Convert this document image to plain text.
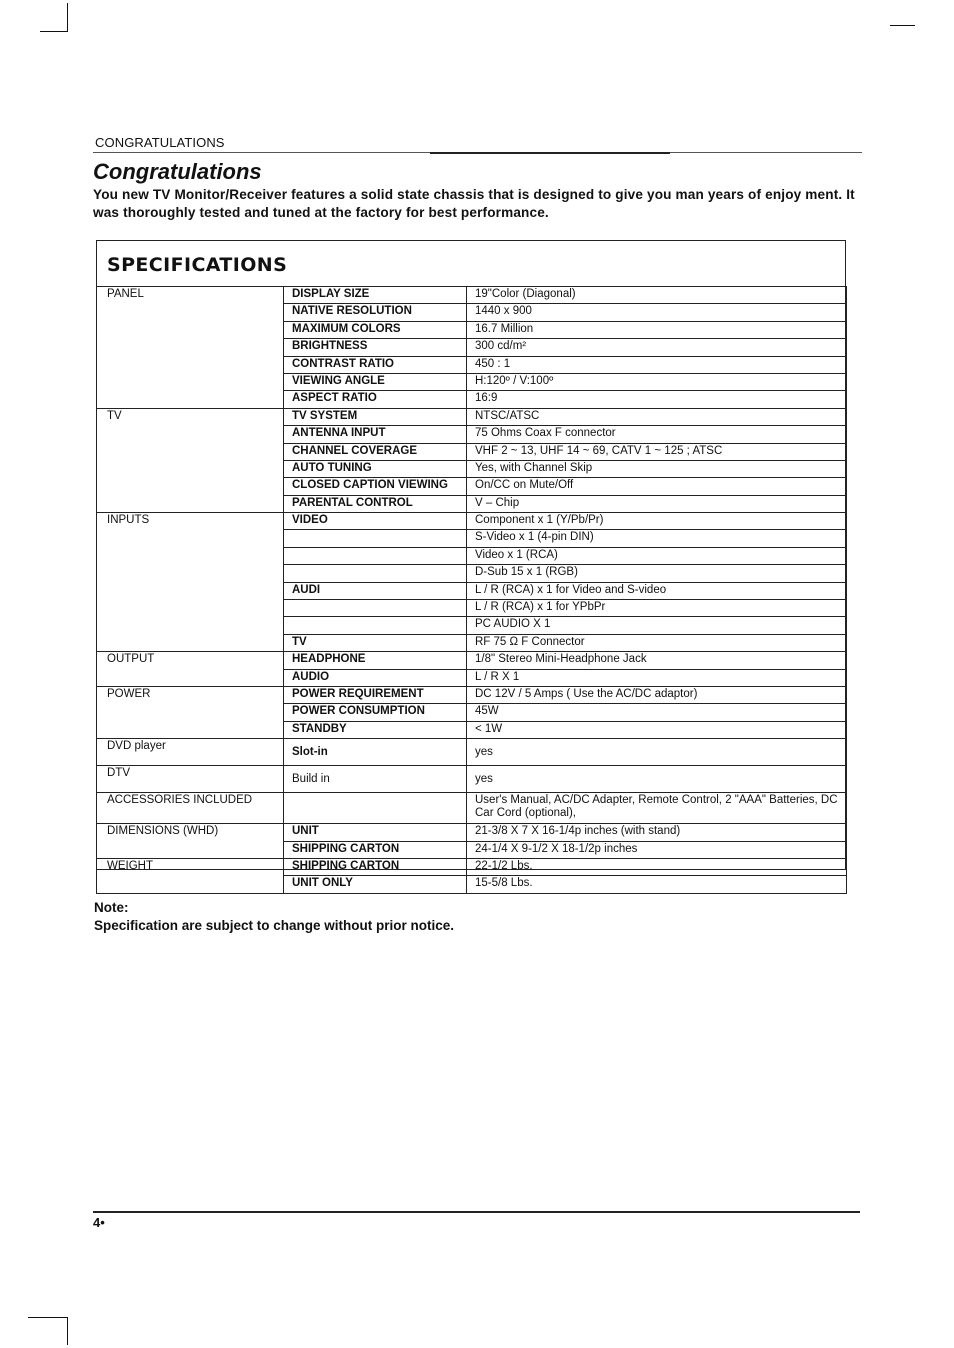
CONGRATULATIONS
Congratulations
You new TV Monitor/Receiver features a solid state chassis that is designed to give you man years of enjoy ment. It was thoroughly tested and tuned at the factory for best performance.
SPECIFICATIONS
PANEL	DISPLAY SIZE	19"Color (Diagonal)
	NATIVE RESOLUTION	1440 x 900
	MAXIMUM COLORS	16.7 Million
	BRIGHTNESS	300 cd/m²
	CONTRAST RATIO	450 : 1
	VIEWING ANGLE	H:120º / V:100º
	ASPECT RATIO	16:9
TV	TV SYSTEM	NTSC/ATSC
	ANTENNA INPUT	75 Ohms Coax F connector
	CHANNEL COVERAGE	VHF 2 ~ 13, UHF 14 ~ 69, CATV 1 ~ 125 ; ATSC
	AUTO TUNING	Yes, with Channel Skip
	CLOSED CAPTION VIEWING	On/CC on Mute/Off
	PARENTAL CONTROL	V – Chip
INPUTS	VIDEO	Component x 1 (Y/Pb/Pr)
		S-Video x 1 (4-pin DIN)
		Video x 1 (RCA)
		D-Sub 15 x 1 (RGB)
	AUDI	L / R (RCA) x 1 for Video and S-video
		L / R (RCA) x 1 for YPbPr
		PC AUDIO X 1
	TV	RF 75 Ω F Connector
OUTPUT	HEADPHONE	1/8" Stereo Mini-Headphone Jack
	AUDIO	L / R X 1
POWER	POWER REQUIREMENT	DC 12V / 5 Amps ( Use the AC/DC adaptor)
	POWER CONSUMPTION	45W
	STANDBY	< 1W
DVD player	Slot-in	yes
DTV	Build in	yes
ACCESSORIES INCLUDED		User's Manual, AC/DC Adapter, Remote Control, 2 "AAA" Batteries, DC Car Cord (optional),
DIMENSIONS (WHD)	UNIT	21-3/8 X 7 X 16-1/4p inches (with stand)
	SHIPPING CARTON	24-1/4 X 9-1/2 X 18-1/2p inches
WEIGHT	SHIPPING CARTON	22-1/2 Lbs.
	UNIT ONLY	15-5/8 Lbs.
Note:
Specification are subject to change without prior notice.
4•
